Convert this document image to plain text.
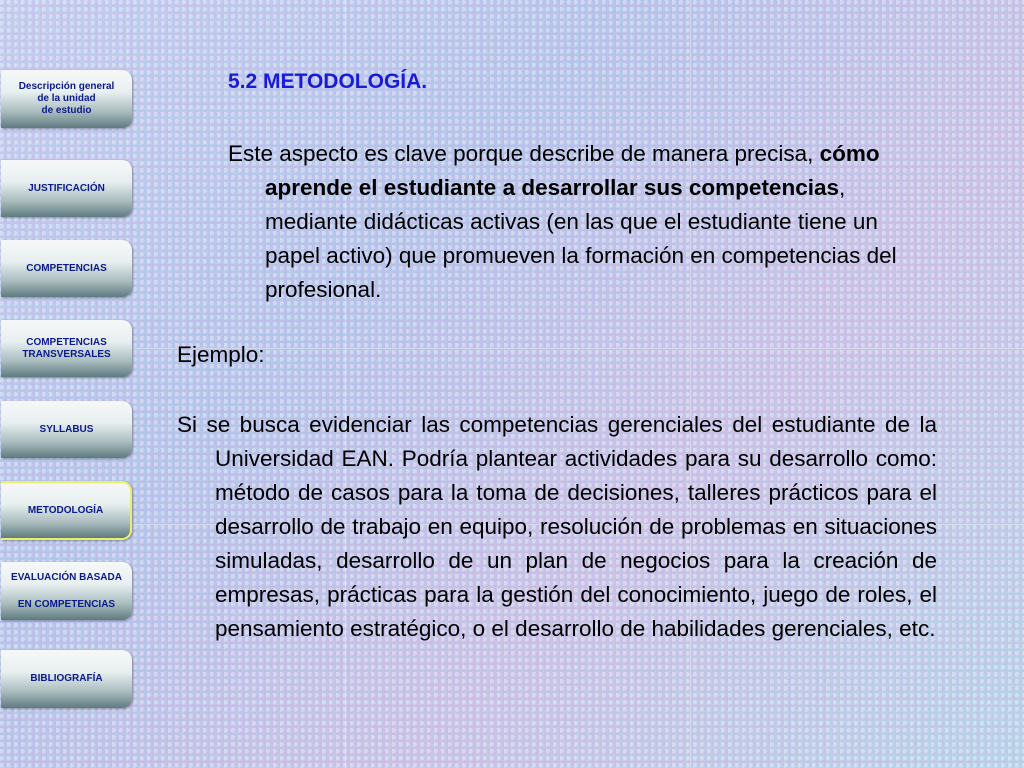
Descripción general
de la unidad
de estudio
JUSTIFICACIÓN
COMPETENCIAS
COMPETENCIAS
TRANSVERSALES
SYLLABUS
METODOLOGÍA
EVALUACIÓN BASADA
EN COMPETENCIAS
BIBLIOGRAFÍA
5.2 METODOLOGÍA.

Este aspecto es clave porque describe de manera precisa, cómo aprende el estudiante a desarrollar sus competencias, mediante didácticas activas (en las que el estudiante tiene un papel activo) que promueven la formación en competencias del profesional.

Ejemplo:

Si se busca evidenciar las competencias gerenciales del estudiante de la Universidad EAN. Podría plantear actividades para su desarrollo como: método de casos para la toma de decisiones, talleres prácticos para el desarrollo de trabajo en equipo, resolución de problemas en situaciones simuladas, desarrollo de un plan de negocios para la creación de empresas, prácticas para la gestión del conocimiento, juego de roles, el pensamiento estratégico, o el desarrollo de habilidades gerenciales, etc.
